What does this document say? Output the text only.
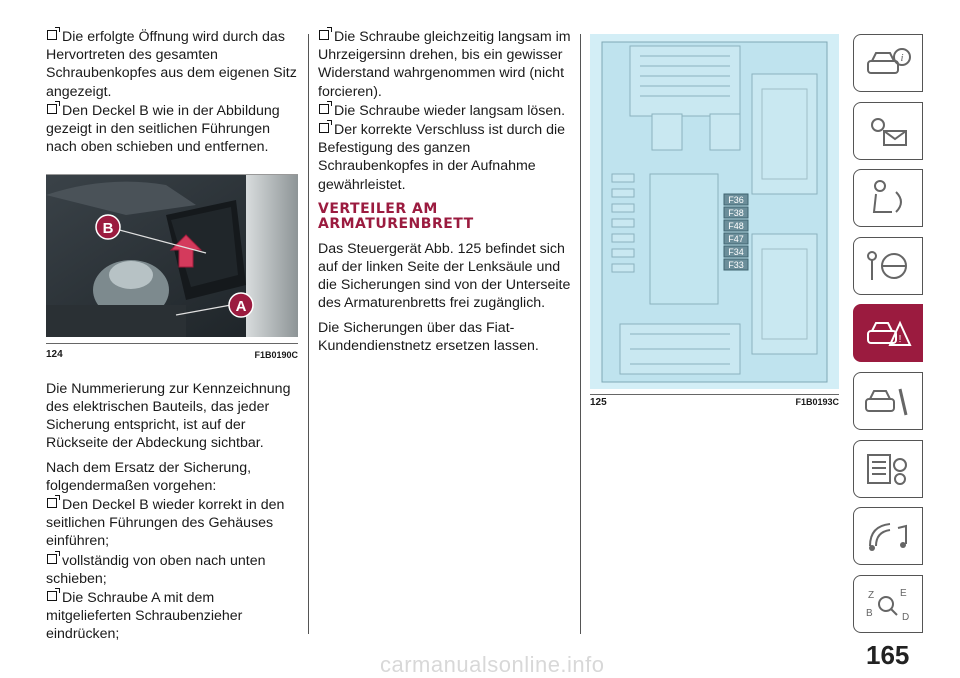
Die erfolgte Öffnung wird durch das Hervortreten des gesamten Schraubenkopfes aus dem eigenen Sitz angezeigt.
Den Deckel B wie in der Abbildung gezeigt in den seitlichen Führungen nach oben schieben und entfernen.
B
A
124	F1B0190C

Die Nummerierung zur Kennzeichnung des elektrischen Bauteils, das jeder Sicherung entspricht, ist auf der Rückseite der Abdeckung sichtbar.

Nach dem Ersatz der Sicherung, folgendermaßen vorgehen:

Den Deckel B wieder korrekt in den seitlichen Führungen des Gehäuses einführen;
vollständig von oben nach unten schieben;
Die Schraube A mit dem mitgelieferten Schraubenzieher eindrücken;
Die Schraube gleichzeitig langsam im Uhrzeigersinn drehen, bis ein gewisser Widerstand wahrgenommen wird (nicht forcieren).
Die Schraube wieder langsam lösen.
Der korrekte Verschluss ist durch die Befestigung des ganzen Schraubenkopfes in der Aufnahme gewährleistet.
VERTEILER AM ARMATURENBRETT

Das Steuergerät Abb. 125 befindet sich auf der linken Seite der Lenksäule und die Sicherungen sind von der Unterseite des Armaturenbretts frei zugänglich.

Die Sicherungen über das Fiat-Kundendienstnetz ersetzen lassen.

F36
F38
F48
F47
F34
F33
125	F1B0193C
i
!
Z	E
B	D
165
carmanualsonline.info
